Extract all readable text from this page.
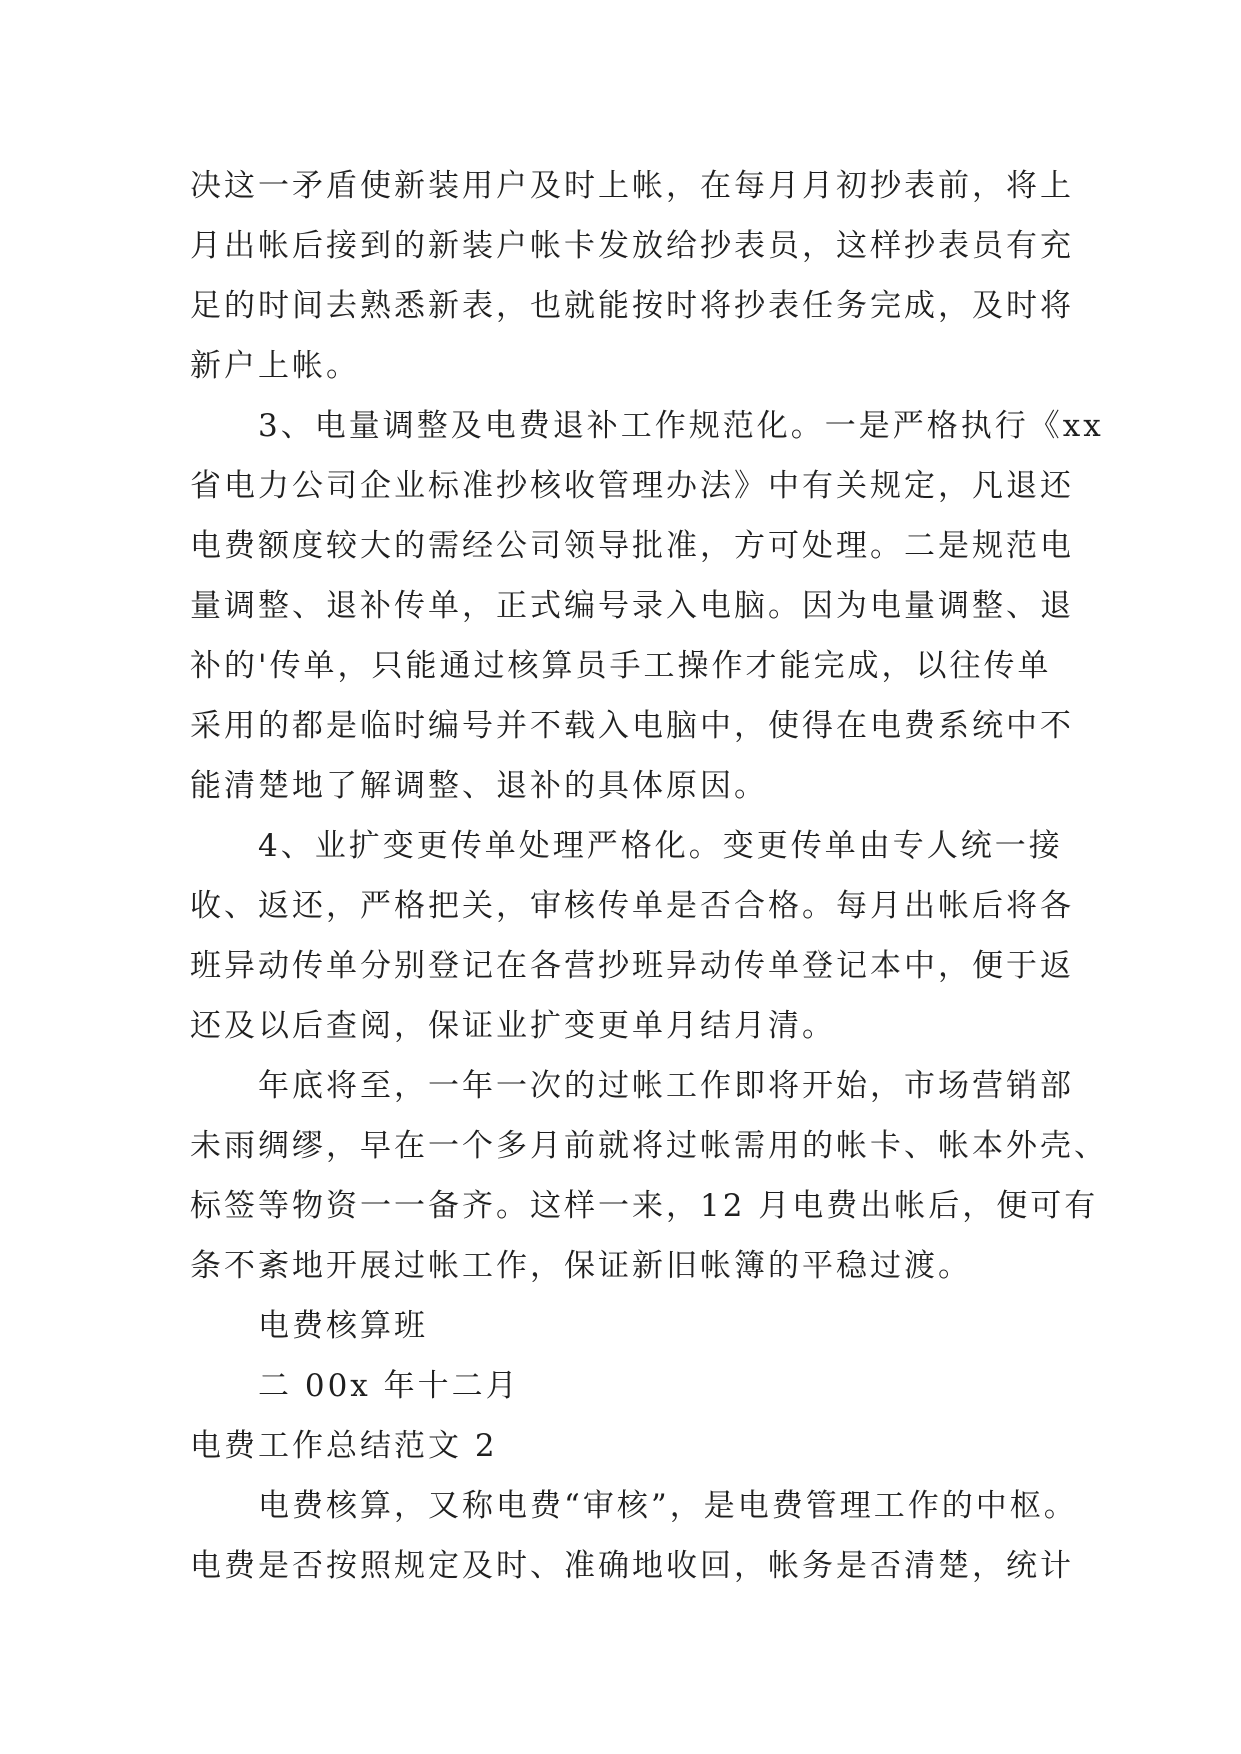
决这一矛盾使新装用户及时上帐，在每月月初抄表前，将上
月出帐后接到的新装户帐卡发放给抄表员，这样抄表员有充
足的时间去熟悉新表，也就能按时将抄表任务完成，及时将
新户上帐。
3、电量调整及电费退补工作规范化。一是严格执行《xx
省电力公司企业标准抄核收管理办法》中有关规定，凡退还
电费额度较大的需经公司领导批准，方可处理。二是规范电
量调整、退补传单，正式编号录入电脑。因为电量调整、退
补的'传单，只能通过核算员手工操作才能完成，以往传单
采用的都是临时编号并不载入电脑中，使得在电费系统中不
能清楚地了解调整、退补的具体原因。
4、业扩变更传单处理严格化。变更传单由专人统一接
收、返还，严格把关，审核传单是否合格。每月出帐后将各
班异动传单分别登记在各营抄班异动传单登记本中，便于返
还及以后查阅，保证业扩变更单月结月清。
年底将至，一年一次的过帐工作即将开始，市场营销部
未雨绸缪，早在一个多月前就将过帐需用的帐卡、帐本外壳、
标签等物资一一备齐。这样一来，12 月电费出帐后，便可有
条不紊地开展过帐工作，保证新旧帐簿的平稳过渡。
电费核算班
二 00x 年十二月
电费工作总结范文 2
电费核算，又称电费“审核”，是电费管理工作的中枢。
电费是否按照规定及时、准确地收回，帐务是否清楚，统计
